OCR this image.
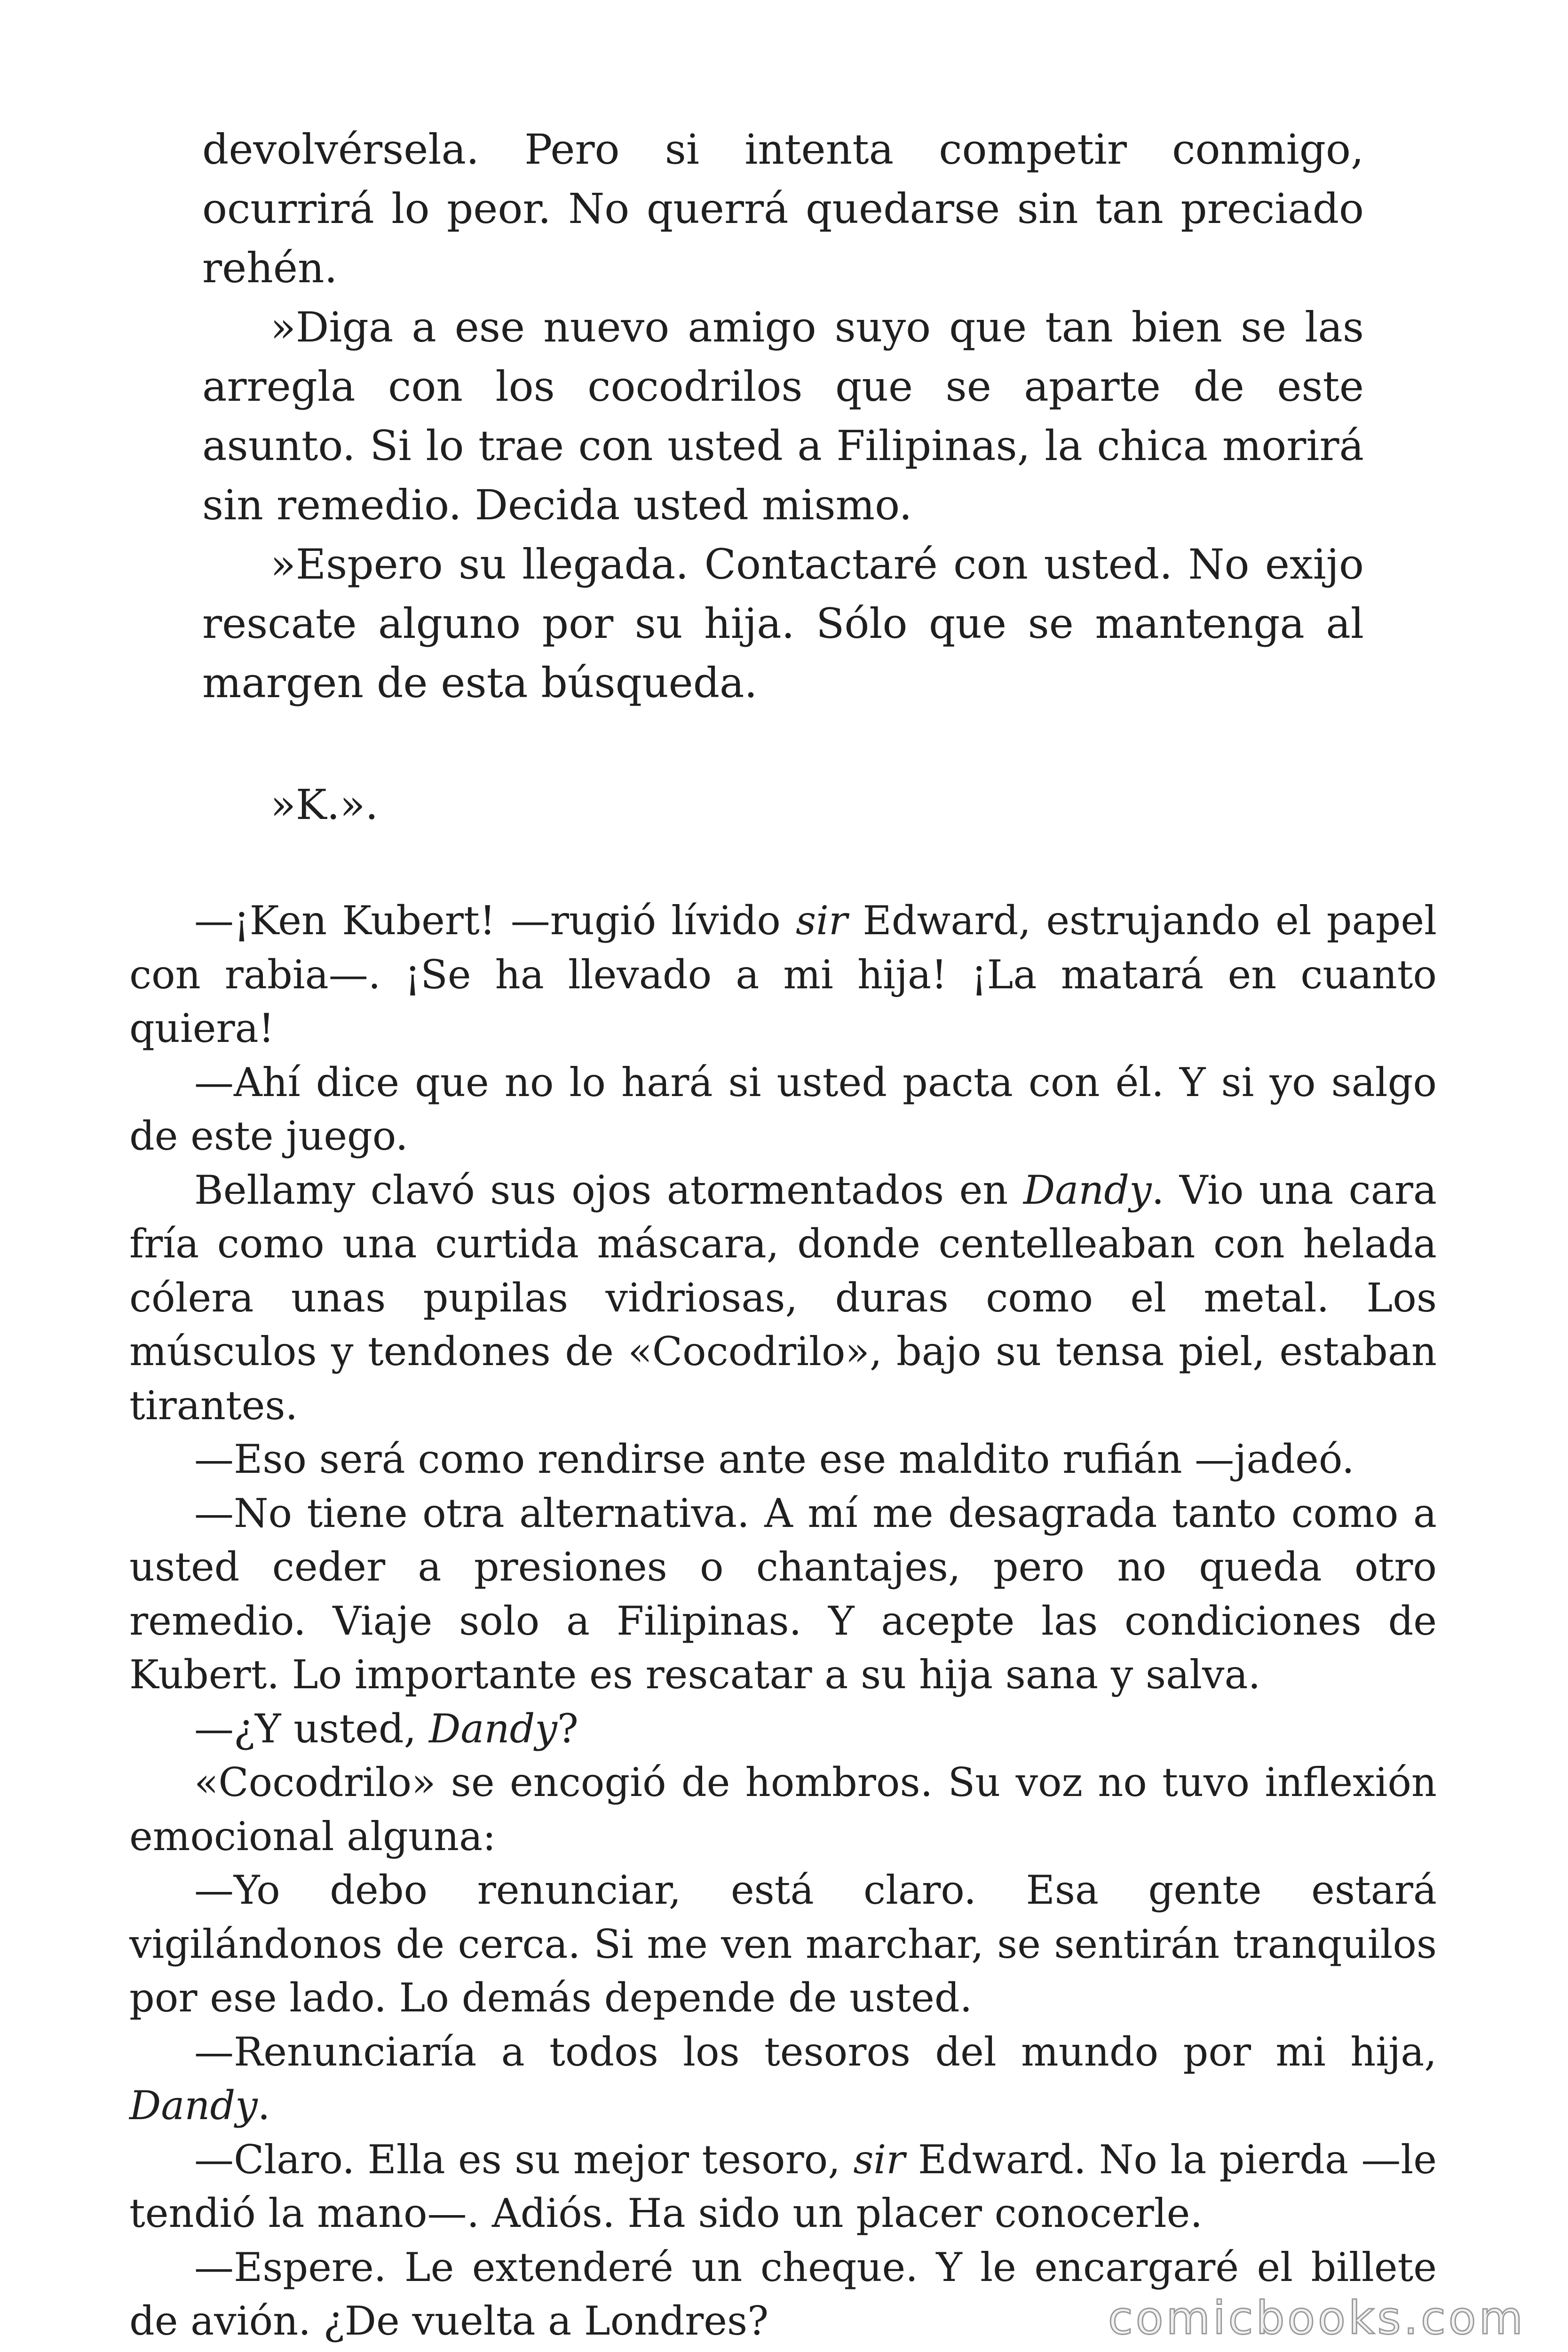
devolvérsela. Pero si intenta competir conmigo, ocurrirá lo peor. No querrá quedarse sin tan preciado rehén.

»Diga a ese nuevo amigo suyo que tan bien se las arregla con los cocodrilos que se aparte de este asunto. Si lo trae con usted a Filipinas, la chica morirá sin remedio. Decida usted mismo.

»Espero su llegada. Contactaré con usted. No exijo rescate alguno por su hija. Sólo que se mantenga al margen de esta búsqueda.

»K.».

—¡Ken Kubert! —rugió lívido sir Edward, estrujando el papel con rabia—. ¡Se ha llevado a mi hija! ¡La matará en cuanto quiera!

—Ahí dice que no lo hará si usted pacta con él. Y si yo salgo de este juego.

Bellamy clavó sus ojos atormentados en Dandy. Vio una cara fría como una curtida máscara, donde centelleaban con helada cólera unas pupilas vidriosas, duras como el metal. Los músculos y tendones de «Cocodrilo», bajo su tensa piel, estaban tirantes.

—Eso será como rendirse ante ese maldito rufián —jadeó.

—No tiene otra alternativa. A mí me desagrada tanto como a usted ceder a presiones o chantajes, pero no queda otro remedio. Viaje solo a Filipinas. Y acepte las condiciones de Kubert. Lo importante es rescatar a su hija sana y salva.

—¿Y usted, Dandy?

«Cocodrilo» se encogió de hombros. Su voz no tuvo inflexión emocional alguna:

—Yo debo renunciar, está claro. Esa gente estará vigilándonos de cerca. Si me ven marchar, se sentirán tranquilos por ese lado. Lo demás depende de usted.

—Renunciaría a todos los tesoros del mundo por mi hija, Dandy.

—Claro. Ella es su mejor tesoro, sir Edward. No la pierda —le tendió la mano—. Adiós. Ha sido un placer conocerle.

—Espere. Le extenderé un cheque. Y le encargaré el billete de avión. ¿De vuelta a Londres?	comicbooks.com
